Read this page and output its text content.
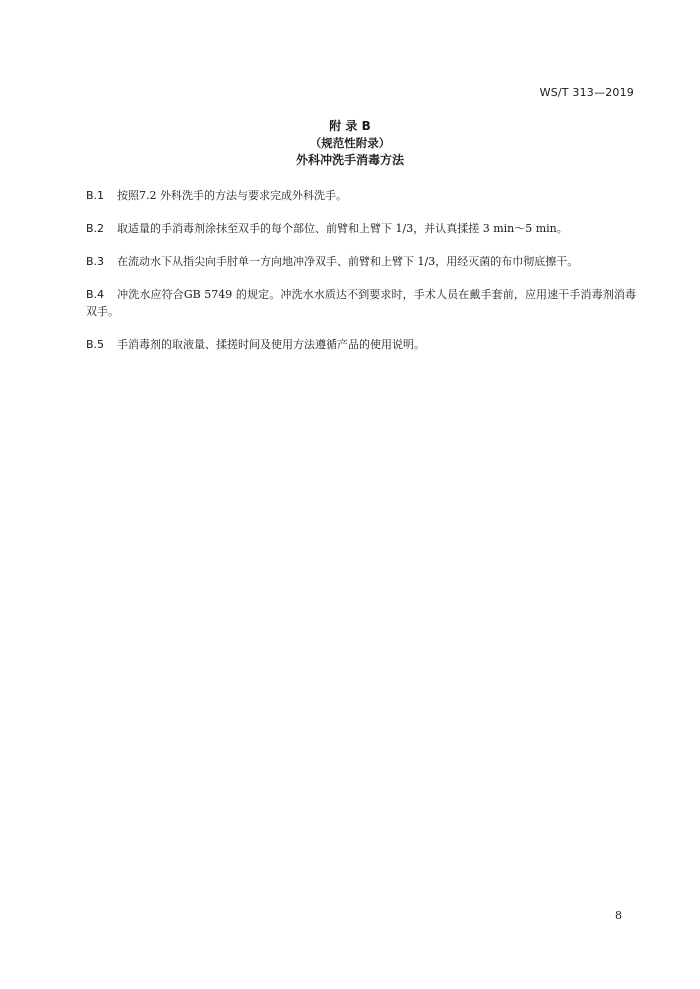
WS/T 313—2019
附 录 B
（规范性附录）
外科冲洗手消毒方法
B.1 按照7.2 外科洗手的方法与要求完成外科洗手。
B.2 取适量的手消毒剂涂抹至双手的每个部位、前臂和上臂下 1/3，并认真揉搓 3 min～5 min。
B.3 在流动水下从指尖向手肘单一方向地冲净双手、前臂和上臂下 1/3，用经灭菌的布巾彻底擦干。
B.4 冲洗水应符合GB 5749 的规定。冲洗水水质达不到要求时，手术人员在戴手套前，应用速干手消毒剂消毒双手。
B.5 手消毒剂的取液量、揉搓时间及使用方法遵循产品的使用说明。
8
